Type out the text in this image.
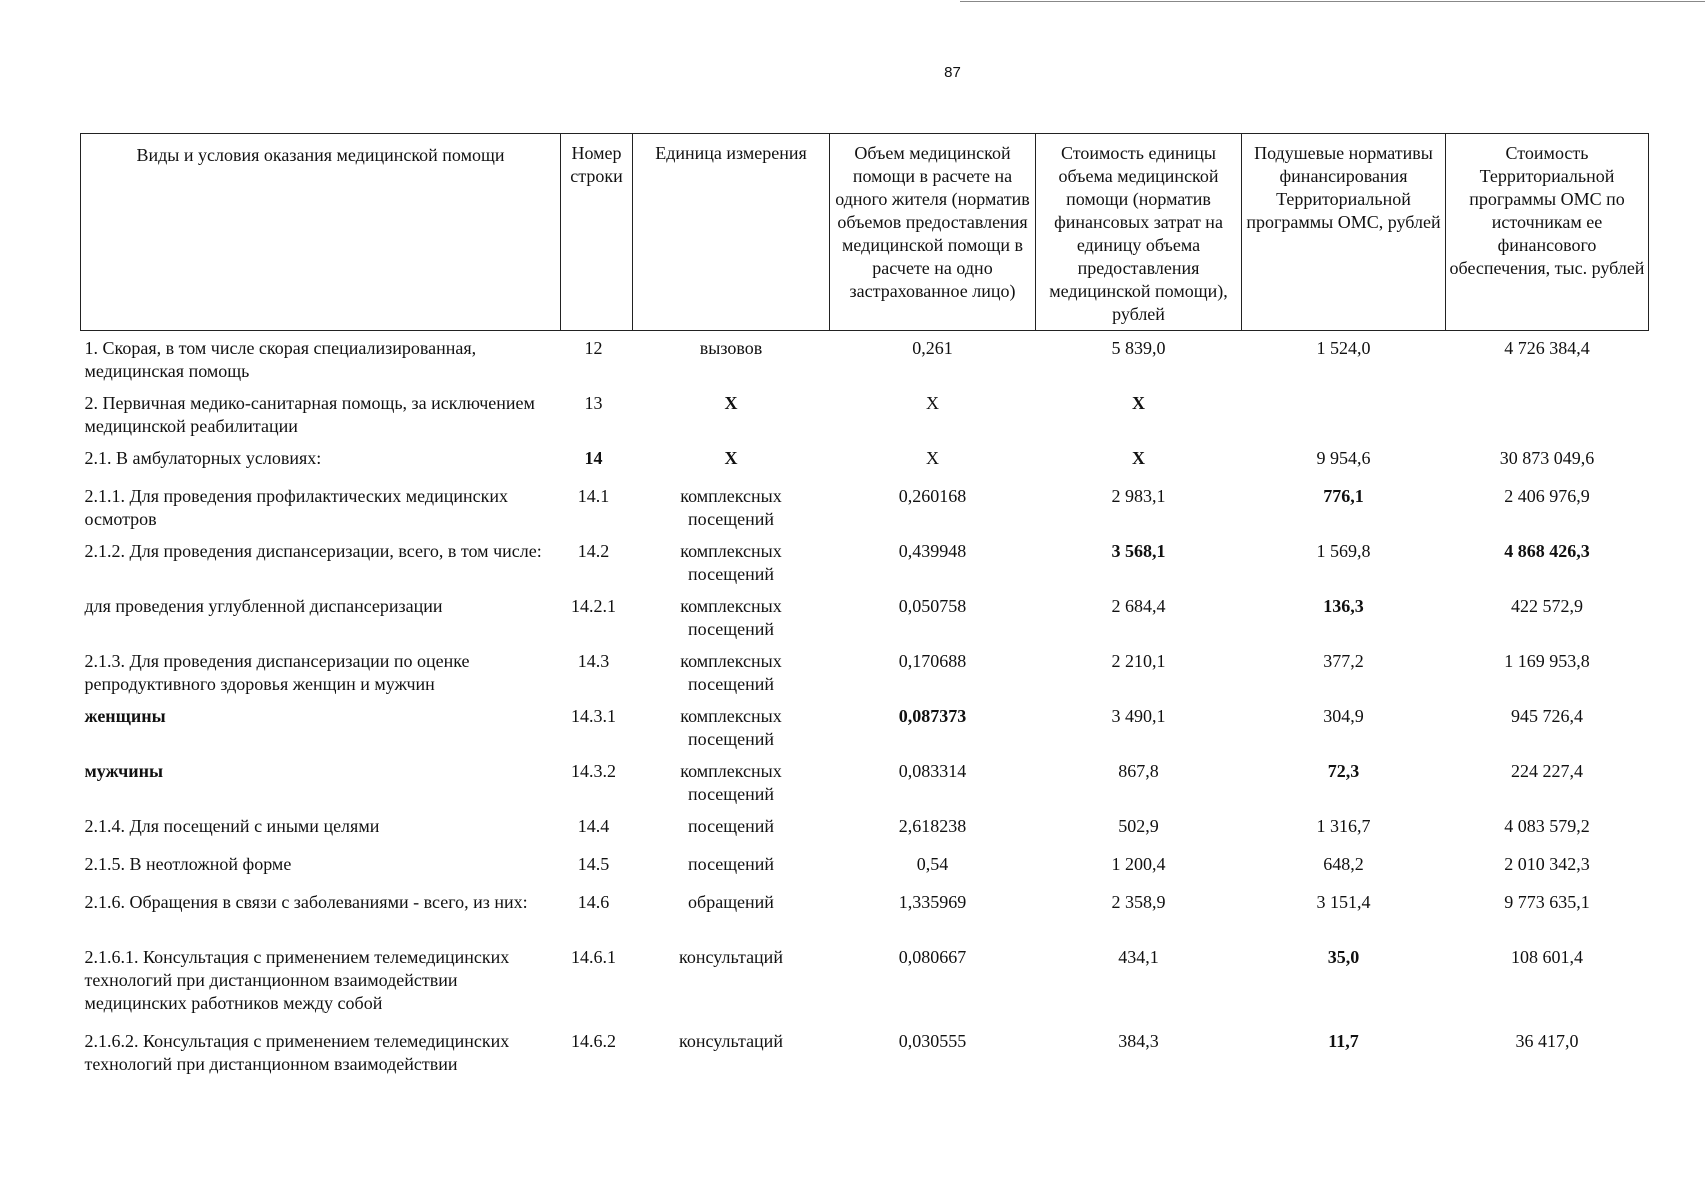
87
Виды и условия оказания медицинской помощи	Номер строки	Единица измерения	Объем медицинской помощи в расчете на одного жителя (норматив объемов предоставления медицинской помощи в расчете на одно застрахованное лицо)	Стоимость единицы объема медицинской помощи (норматив финансовых затрат на единицу объема предоставления медицинской помощи), рублей	Подушевые нормативы финансирования Территориальной программы ОМС, рублей	Стоимость Территориальной программы ОМС по источникам ее финансового обеспечения, тыс. рублей
1. Скорая, в том числе скорая специализированная, медицинская помощь	12	вызовов	0,261	5 839,0	1 524,0	4 726 384,4
2. Первичная медико-санитарная помощь, за исключением медицинской реабилитации	13	X	X	X		
2.1. В амбулаторных условиях:	14	X	X	X	9 954,6	30 873 049,6
2.1.1. Для проведения профилактических медицинских осмотров	14.1	комплексных посещений	0,260168	2 983,1	776,1	2 406 976,9
2.1.2. Для проведения диспансеризации, всего, в том числе:	14.2	комплексных посещений	0,439948	3 568,1	1 569,8	4 868 426,3
для проведения углубленной диспансеризации	14.2.1	комплексных посещений	0,050758	2 684,4	136,3	422 572,9
2.1.3. Для проведения диспансеризации по оценке репродуктивного здоровья женщин и мужчин	14.3	комплексных посещений	0,170688	2 210,1	377,2	1 169 953,8
женщины	14.3.1	комплексных посещений	0,087373	3 490,1	304,9	945 726,4
мужчины	14.3.2	комплексных посещений	0,083314	867,8	72,3	224 227,4
2.1.4. Для посещений с иными целями	14.4	посещений	2,618238	502,9	1 316,7	4 083 579,2
2.1.5. В неотложной форме	14.5	посещений	0,54	1 200,4	648,2	2 010 342,3
2.1.6. Обращения в связи с заболеваниями - всего, из них:	14.6	обращений	1,335969	2 358,9	3 151,4	9 773 635,1
2.1.6.1. Консультация с применением телемедицинских технологий при дистанционном взаимодействии медицинских работников между собой	14.6.1	консультаций	0,080667	434,1	35,0	108 601,4
2.1.6.2. Консультация с применением телемедицинских технологий при дистанционном взаимодействии	14.6.2	консультаций	0,030555	384,3	11,7	36 417,0
